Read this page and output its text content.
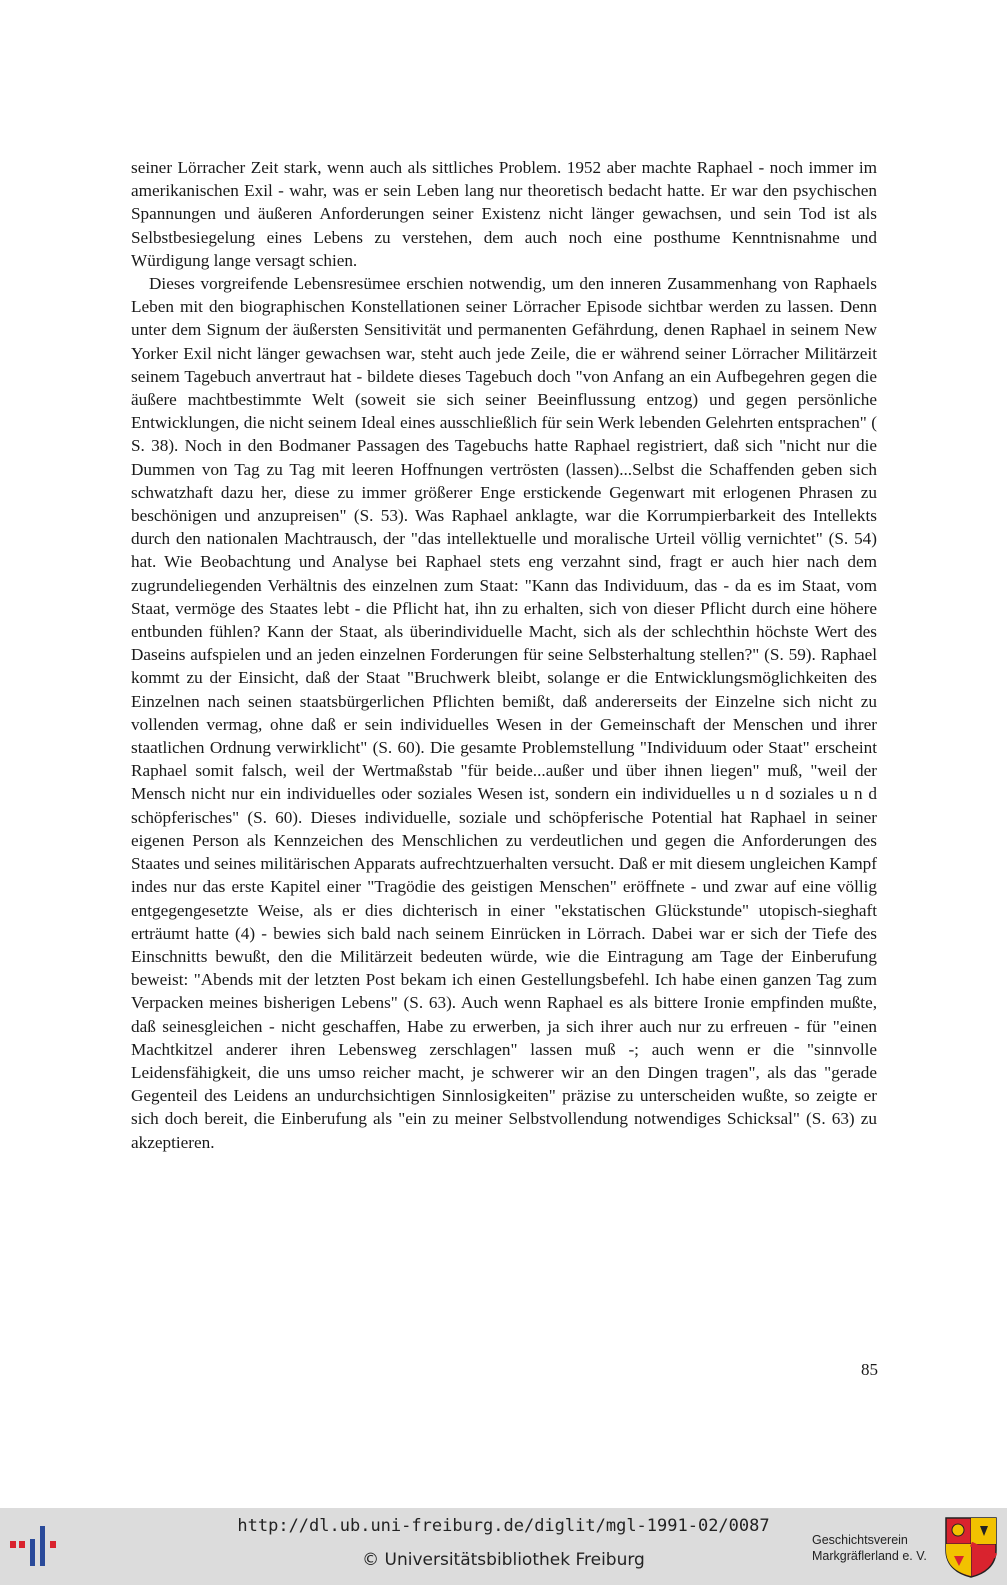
seiner Lörracher Zeit stark, wenn auch als sittliches Problem. 1952 aber machte Raphael - noch immer im amerikanischen Exil - wahr, was er sein Leben lang nur theoretisch bedacht hatte. Er war den psychischen Spannungen und äußeren Anforderungen seiner Existenz nicht länger gewachsen, und sein Tod ist als Selbstbesiegelung eines Lebens zu verstehen, dem auch noch eine posthume Kenntnisnahme und Würdigung lange versagt schien.

Dieses vorgreifende Lebensresümee erschien notwendig, um den inneren Zusammenhang von Raphaels Leben mit den biographischen Konstellationen seiner Lörracher Episode sichtbar werden zu lassen. Denn unter dem Signum der äußersten Sensitivität und permanenten Gefährdung, denen Raphael in seinem New Yorker Exil nicht länger gewachsen war, steht auch jede Zeile, die er während seiner Lörracher Militärzeit seinem Tagebuch anvertraut hat - bildete dieses Tagebuch doch "von Anfang an ein Aufbegehren gegen die äußere machtbestimmte Welt (soweit sie sich seiner Beeinflussung entzog) und gegen persönliche Entwicklungen, die nicht seinem Ideal eines ausschließlich für sein Werk lebenden Gelehrten entsprachen" ( S. 38). Noch in den Bodmaner Passagen des Tagebuchs hatte Raphael registriert, daß sich "nicht nur die Dummen von Tag zu Tag mit leeren Hoffnungen vertrösten (lassen)...Selbst die Schaffenden geben sich schwatzhaft dazu her, diese zu immer größerer Enge erstickende Gegenwart mit erlogenen Phrasen zu beschönigen und anzupreisen" (S. 53). Was Raphael anklagte, war die Korrumpierbarkeit des Intellekts durch den nationalen Machtrausch, der "das intellektuelle und moralische Urteil völlig vernichtet" (S. 54) hat. Wie Beobachtung und Analyse bei Raphael stets eng verzahnt sind, fragt er auch hier nach dem zugrundeliegenden Verhältnis des einzelnen zum Staat: "Kann das Individuum, das - da es im Staat, vom Staat, vermöge des Staates lebt - die Pflicht hat, ihn zu erhalten, sich von dieser Pflicht durch eine höhere entbunden fühlen? Kann der Staat, als überindividuelle Macht, sich als der schlechthin höchste Wert des Daseins aufspielen und an jeden einzelnen Forderungen für seine Selbsterhaltung stellen?" (S. 59). Raphael kommt zu der Einsicht, daß der Staat "Bruchwerk bleibt, solange er die Entwicklungsmöglichkeiten des Einzelnen nach seinen staatsbürgerlichen Pflichten bemißt, daß andererseits der Einzelne sich nicht zu vollenden vermag, ohne daß er sein individuelles Wesen in der Gemeinschaft der Menschen und ihrer staatlichen Ordnung verwirklicht" (S. 60). Die gesamte Problemstellung "Individuum oder Staat" erscheint Raphael somit falsch, weil der Wertmaßstab "für beide...außer und über ihnen liegen" muß, "weil der Mensch nicht nur ein individuelles oder soziales Wesen ist, sondern ein individuelles u n d soziales u n d schöpferisches" (S. 60). Dieses individuelle, soziale und schöpferische Potential hat Raphael in seiner eigenen Person als Kennzeichen des Menschlichen zu verdeutlichen und gegen die Anforderungen des Staates und seines militärischen Apparats aufrechtzuerhalten versucht. Daß er mit diesem ungleichen Kampf indes nur das erste Kapitel einer "Tragödie des geistigen Menschen" eröffnete - und zwar auf eine völlig entgegengesetzte Weise, als er dies dichterisch in einer "ekstatischen Glückstunde" utopisch-sieghaft erträumt hatte (4) - bewies sich bald nach seinem Einrücken in Lörrach. Dabei war er sich der Tiefe des Einschnitts bewußt, den die Militärzeit bedeuten würde, wie die Eintragung am Tage der Einberufung beweist: "Abends mit der letzten Post bekam ich einen Gestellungsbefehl. Ich habe einen ganzen Tag zum Verpacken meines bisherigen Lebens" (S. 63). Auch wenn Raphael es als bittere Ironie empfinden mußte, daß seinesgleichen - nicht geschaffen, Habe zu erwerben, ja sich ihrer auch nur zu erfreuen - für "einen Machtkitzel anderer ihren Lebensweg zerschlagen" lassen muß -; auch wenn er die "sinnvolle Leidensfähigkeit, die uns umso reicher macht, je schwerer wir an den Dingen tragen", als das "gerade Gegenteil des Leidens an undurchsichtigen Sinnlosigkeiten" präzise zu unterscheiden wußte, so zeigte er sich doch bereit, die Einberufung als "ein zu meiner Selbstvollendung notwendiges Schicksal" (S. 63) zu akzeptieren.

85
http://dl.ub.uni-freiburg.de/diglit/mgl-1991-02/0087
© Universitätsbibliothek Freiburg
Geschichtsverein
Markgräflerland e. V.
